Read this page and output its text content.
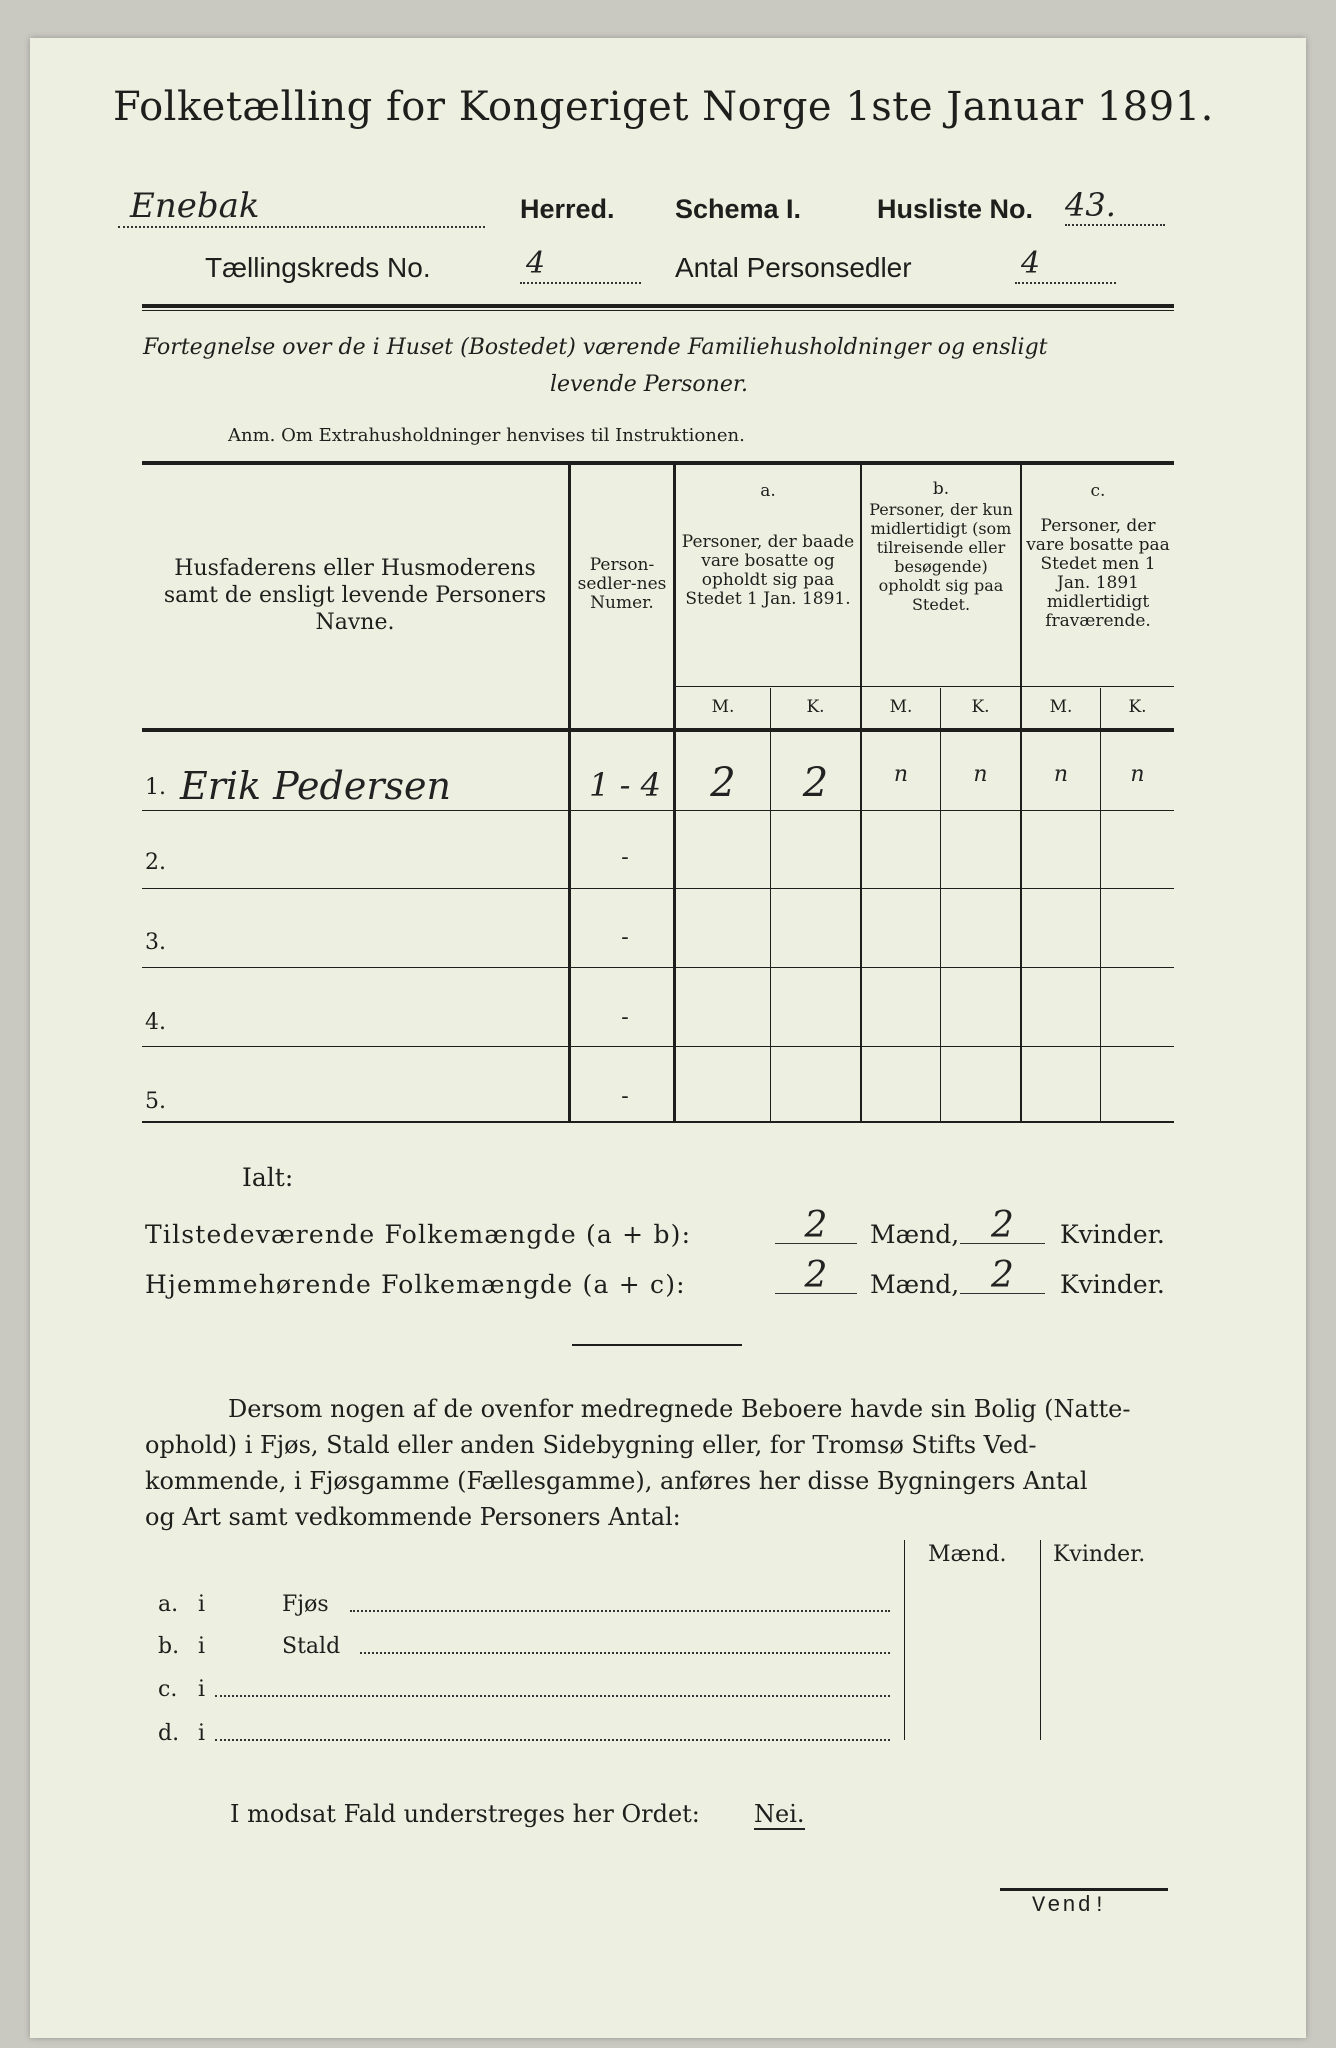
Folketælling for Kongeriget Norge 1ste Januar 1891.
Enebak	Herred. Schema I.	Husliste No. 43.
Tællingskreds No.	4	Antal Personsedler	4
Fortegnelse over de i Huset (Bostedet) værende Familiehusholdninger og ensligt
levende Personer.
Anm. Om Extrahusholdninger henvises til Instruktionen.
Husfaderens eller Husmoderens samt de ensligt levende Personers Navne.
Person-sedler-nes Numer.
a.
Personer, der baade vare bosatte og opholdt sig paa Stedet 1 Jan. 1891.
b.
Personer, der kun midlertidigt (som tilreisende eller besøgende) opholdt sig paa Stedet.
c.
Personer, der vare bosatte paa Stedet men 1 Jan. 1891 midlertidigt fraværende.
M.	K.	M.	K.	M.	K.
1. Erik Pedersen	1 - 4	2	2	n	n	n	n
2.	-
3.	-
4.	-
5.	-
Ialt:
Tilstedeværende Folkemængde (a + b):	2	Mænd, 2	Kvinder.
Hjemmehørende Folkemængde (a + c):	2	Mænd, 2	Kvinder.
Dersom nogen af de ovenfor medregnede Beboere havde sin Bolig (Natte-
ophold) i Fjøs, Stald eller anden Sidebygning eller, for Tromsø Stifts Ved-
kommende, i Fjøsgamme (Fællesgamme), anføres her disse Bygningers Antal
og Art samt vedkommende Personers Antal:
Mænd. Kvinder.
a. i	Fjøs
b. i	Stald
c. i
d. i
I modsat Fald understreges her Ordet: Nei.
Vend!
